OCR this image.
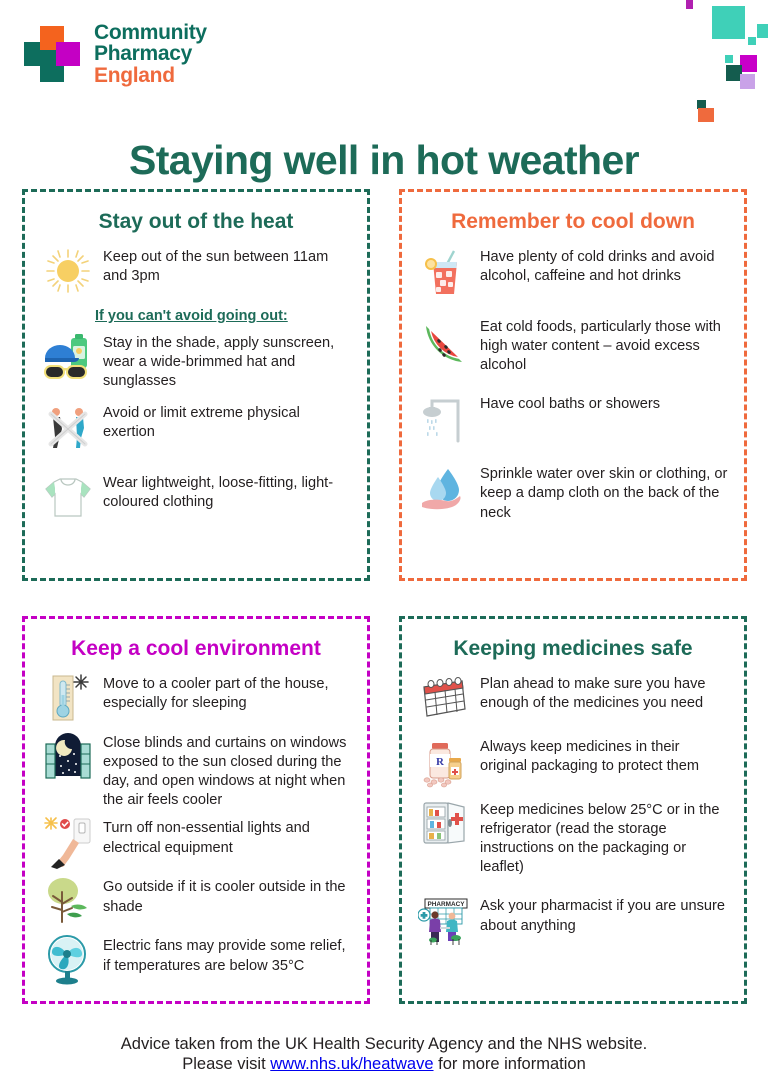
Community
Pharmacy
England
Staying well in hot weather
Stay out of the heat
Keep out of the sun between 11am and 3pm
If you can't avoid going out:
Stay in the shade, apply sunscreen, wear a wide-brimmed hat and sunglasses
Avoid or limit extreme physical exertion
Wear lightweight, loose-fitting, light-coloured clothing
Remember to cool down
Have plenty of cold drinks and avoid alcohol, caffeine and hot drinks
Eat cold foods, particularly those with high water content – avoid excess alcohol
Have cool baths or showers
Sprinkle water over skin or clothing, or keep a damp cloth on the back of the neck
Keep a cool environment
Move to a cooler part of the house, especially for sleeping
Close blinds and curtains on windows exposed to the sun closed during the day, and open windows at night when the air feels cooler
Turn off non-essential lights and electrical equipment
Go outside if it is cooler outside in the shade
Electric fans may provide some relief, if temperatures are below 35°C
Keeping medicines safe
Plan ahead to make sure you have enough of the medicines you need
R
Always keep medicines in their original packaging to protect them
Keep medicines below 25°C or in the refrigerator (read the storage instructions on the packaging or leaflet)
PHARMACY Ask your pharmacist if you are unsure about anything
Advice taken from the UK Health Security Agency and the NHS website.
Please visit www.nhs.uk/heatwave for more information
